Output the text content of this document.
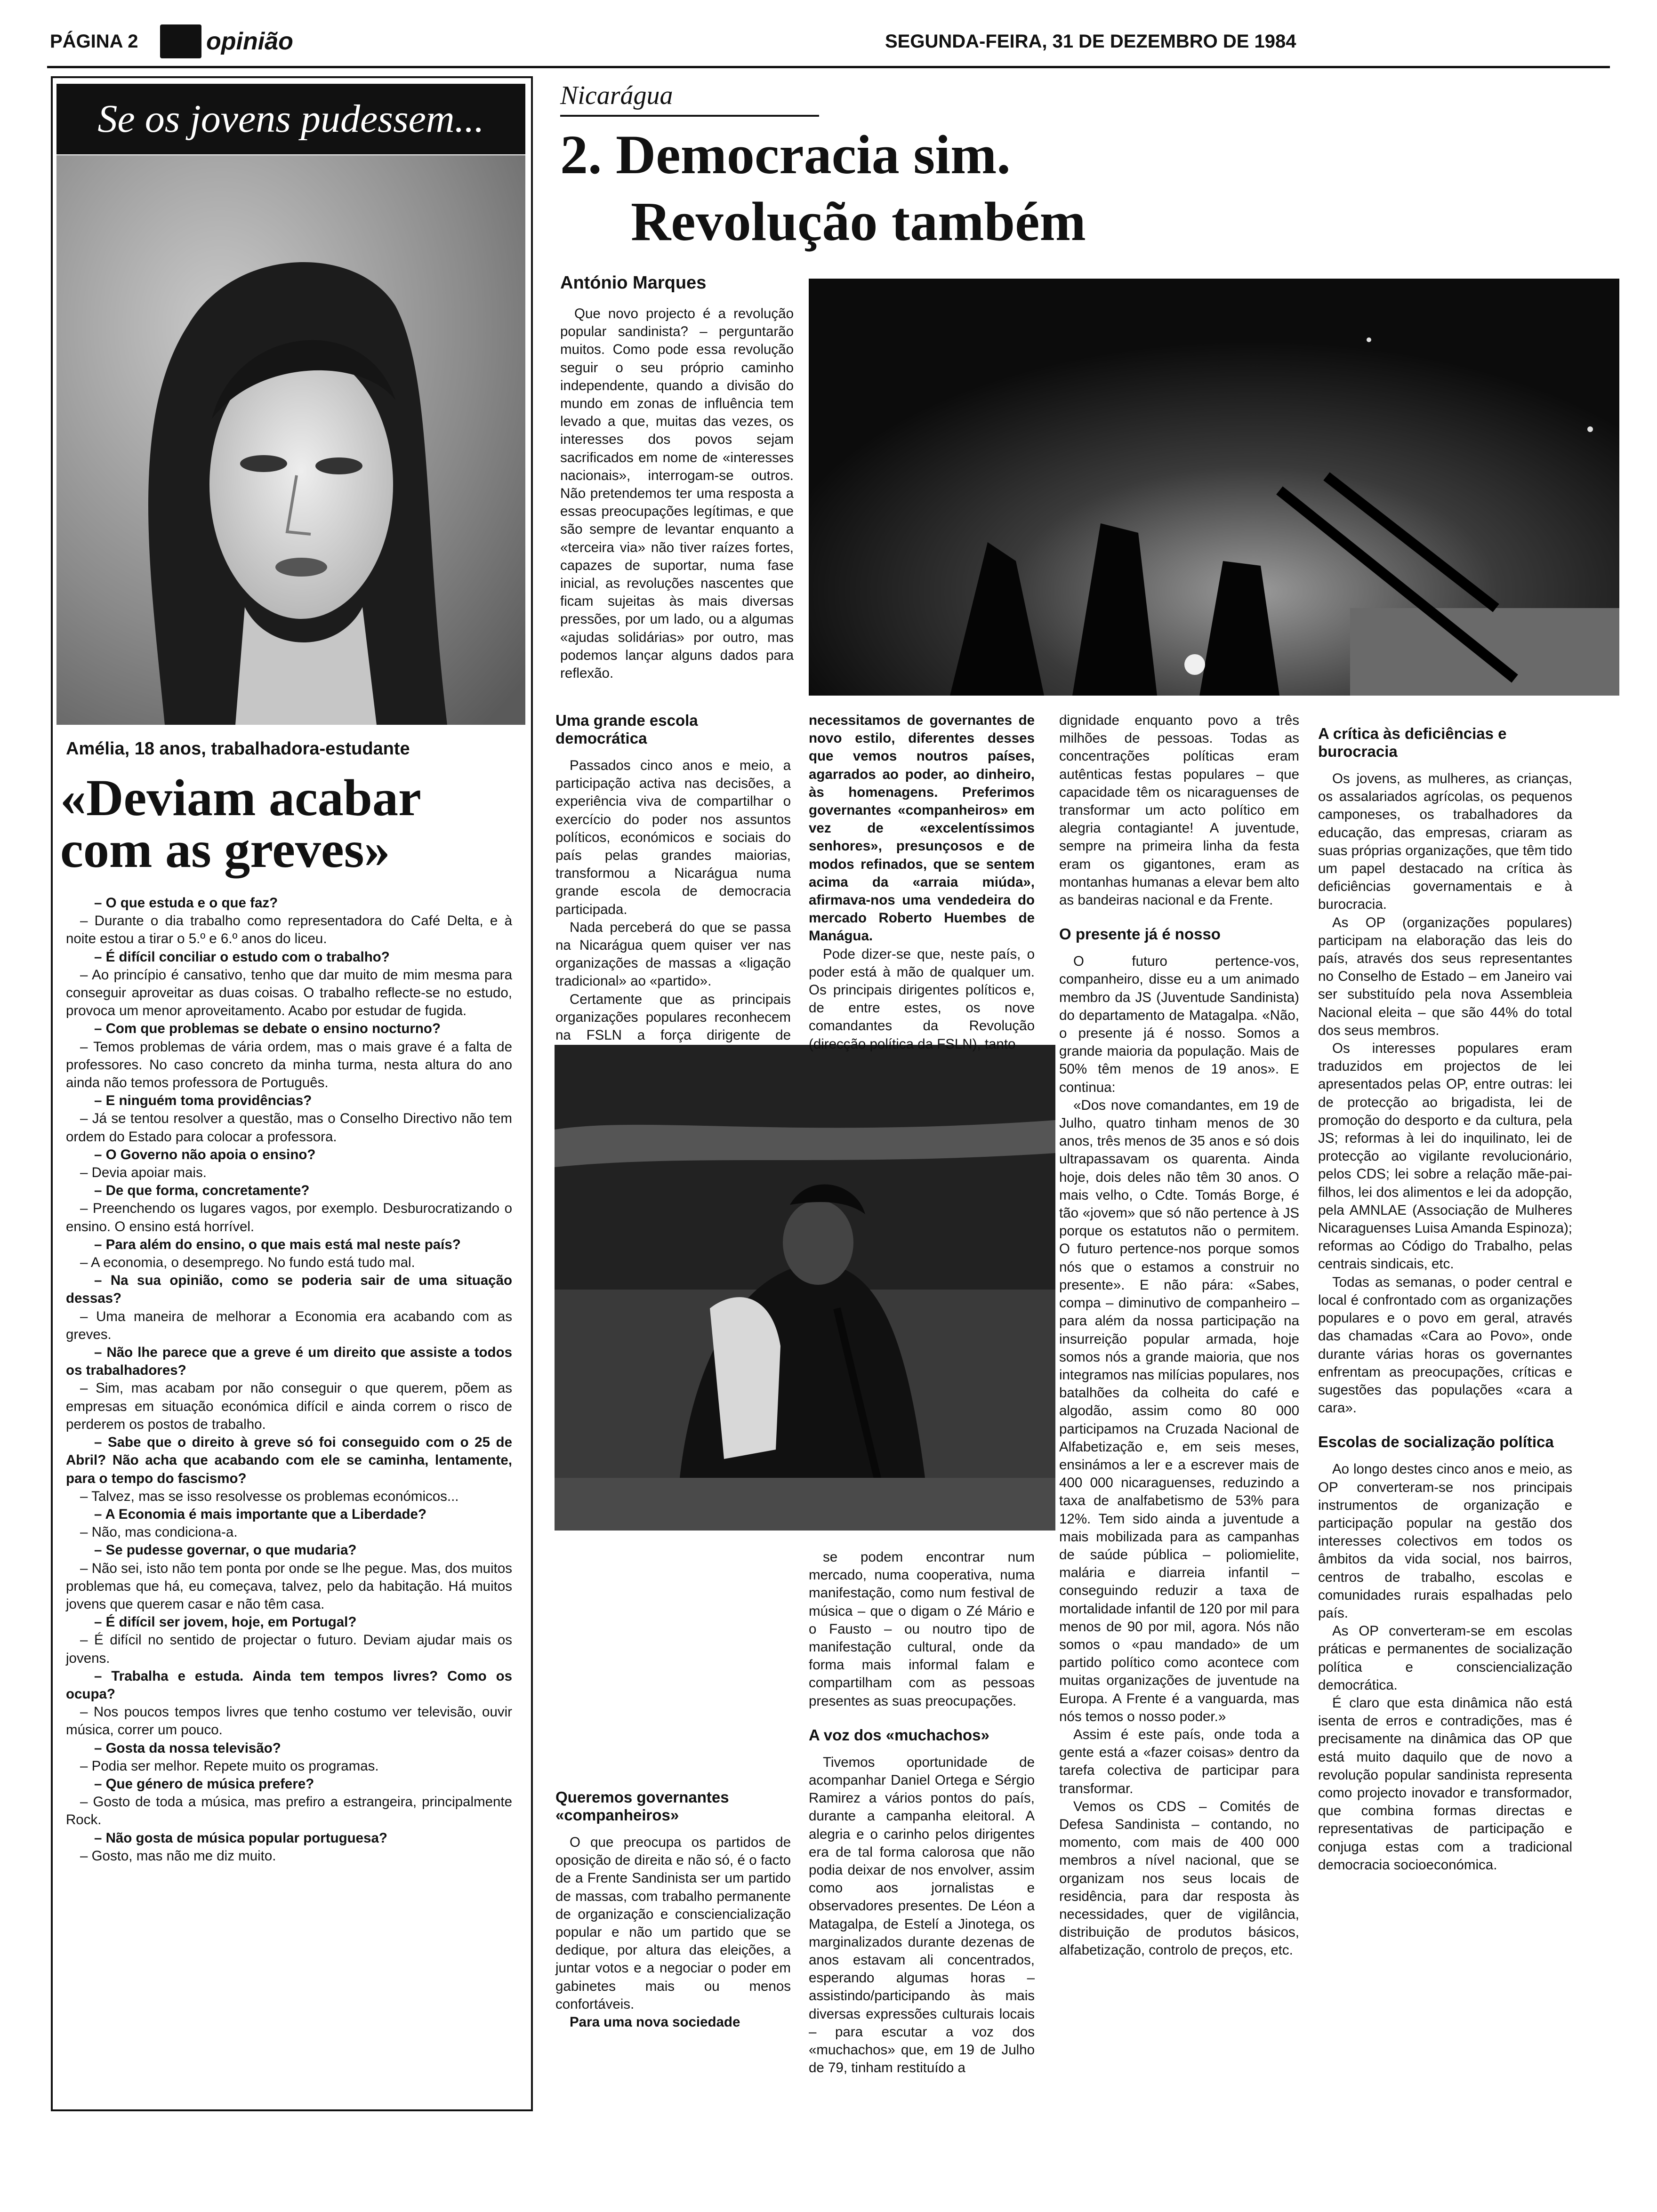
PÁGINA 2	opinião	SEGUNDA-FEIRA, 31 DE DEZEMBRO DE 1984
Se os jovens pudessem...
Amélia, 18 anos, trabalhadora-estudante
«Deviam acabar
com as greves»

– O que estuda e o que faz?

– Durante o dia trabalho como representadora do Café Delta, e à noite estou a tirar o 5.º e 6.º anos do liceu.

– É difícil conciliar o estudo com o trabalho?

– Ao princípio é cansativo, tenho que dar muito de mim mesma para conseguir aproveitar as duas coisas. O trabalho reflecte-se no estudo, provoca um menor aproveitamento. Acabo por estudar de fugida.

– Com que problemas se debate o ensino nocturno?

– Temos problemas de vária ordem, mas o mais grave é a falta de professores. No caso concreto da minha turma, nesta altura do ano ainda não temos professora de Português.

– E ninguém toma providências?

– Já se tentou resolver a questão, mas o Conselho Directivo não tem ordem do Estado para colocar a professora.

– O Governo não apoia o ensino?

– Devia apoiar mais.

– De que forma, concretamente?

– Preenchendo os lugares vagos, por exemplo. Desburocratizando o ensino. O ensino está horrível.

– Para além do ensino, o que mais está mal neste país?

– A economia, o desemprego. No fundo está tudo mal.

– Na sua opinião, como se poderia sair de uma situação dessas?

– Uma maneira de melhorar a Economia era acabando com as greves.

– Não lhe parece que a greve é um direito que assiste a todos os trabalhadores?

– Sim, mas acabam por não conseguir o que querem, põem as empresas em situação económica difícil e ainda correm o risco de perderem os postos de trabalho.

– Sabe que o direito à greve só foi conseguido com o 25 de Abril? Não acha que acabando com ele se caminha, lentamente, para o tempo do fascismo?

– Talvez, mas se isso resolvesse os problemas económicos...

– A Economia é mais importante que a Liberdade?

– Não, mas condiciona-a.

– Se pudesse governar, o que mudaria?

– Não sei, isto não tem ponta por onde se lhe pegue. Mas, dos muitos problemas que há, eu começava, talvez, pelo da habitação. Há muitos jovens que querem casar e não têm casa.

– É difícil ser jovem, hoje, em Portugal?

– É difícil no sentido de projectar o futuro. Deviam ajudar mais os jovens.

– Trabalha e estuda. Ainda tem tempos livres? Como os ocupa?

– Nos poucos tempos livres que tenho costumo ver televisão, ouvir música, correr um pouco.

– Gosta da nossa televisão?

– Podia ser melhor. Repete muito os programas.

– Que género de música prefere?

– Gosto de toda a música, mas prefiro a estrangeira, principalmente Rock.

– Não gosta de música popular portuguesa?

– Gosto, mas não me diz muito.

Nicarágua
2. Democracia sim.
Revolução também
António Marques

Que novo projecto é a revolução popular sandinista? – perguntarão muitos. Como pode essa revolução seguir o seu próprio caminho independente, quando a divisão do mundo em zonas de influência tem levado a que, muitas das vezes, os interesses dos povos sejam sacrificados em nome de «interesses nacionais», interrogam-se outros. Não pretendemos ter uma resposta a essas preocupações legítimas, e que são sempre de levantar enquanto a «terceira via» não tiver raízes fortes, capazes de suportar, numa fase inicial, as revoluções nascentes que ficam sujeitas às mais diversas pressões, por um lado, ou a algumas «ajudas solidárias» por outro, mas podemos lançar alguns dados para reflexão.

Uma grande escola democrática

Passados cinco anos e meio, a participação activa nas decisões, a experiência viva de compartilhar o exercício do poder nos assuntos políticos, económicos e sociais do país pelas grandes maiorias, transformou a Nicarágua numa grande escola de democracia participada.

Nada perceberá do que se passa na Nicarágua quem quiser ver nas organizações de massas a «ligação tradicional» ao «partido».

Certamente que as principais organizações populares reconhecem na FSLN a força dirigente de

necessitamos de governantes de novo estilo, diferentes desses que vemos noutros países, agarrados ao poder, ao dinheiro, às homenagens. Preferimos governantes «companheiros» em vez de «excelentíssimos senhores», presunçosos e de modos refinados, que se sentem acima da «arraia miúda», afirmava-nos uma vendedeira do mercado Roberto Huembes de Manágua.

Pode dizer-se que, neste país, o poder está à mão de qualquer um. Os principais dirigentes políticos e, de entre estes, os nove comandantes da Revolução (direcção política da FSLN), tanto

se podem encontrar num mercado, numa cooperativa, numa manifestação, como num festival de música – que o digam o Zé Mário e o Fausto – ou noutro tipo de manifestação cultural, onde da forma mais informal falam e compartilham com as pessoas presentes as suas preocupações.

A voz dos «muchachos»

Tivemos oportunidade de acompanhar Daniel Ortega e Sérgio Ramirez a vários pontos do país, durante a campanha eleitoral. A alegria e o carinho pelos dirigentes era de tal forma calorosa que não podia deixar de nos envolver, assim como aos jornalistas e observadores presentes. De Léon a Matagalpa, de Estelí a Jinotega, os marginalizados durante dezenas de anos estavam ali concentrados, esperando algumas horas – assistindo/participando às mais diversas expressões culturais locais – para escutar a voz dos «muchachos» que, em 19 de Julho de 79, tinham restituído a

Queremos governantes «companheiros»

O que preocupa os partidos de oposição de direita e não só, é o facto de a Frente Sandinista ser um partido de massas, com trabalho permanente de organização e consciencialização popular e não um partido que se dedique, por altura das eleições, a juntar votos e a negociar o poder em gabinetes mais ou menos confortáveis.

Para uma nova sociedade

dignidade enquanto povo a três milhões de pessoas. Todas as concentrações políticas eram autênticas festas populares – que capacidade têm os nicaraguenses de transformar um acto político em alegria contagiante! A juventude, sempre na primeira linha da festa eram os gigantones, eram as montanhas humanas a elevar bem alto as bandeiras nacional e da Frente.

O presente já é nosso

O futuro pertence-vos, companheiro, disse eu a um animado membro da JS (Juventude Sandinista) do departamento de Matagalpa. «Não, o presente já é nosso. Somos a grande maioria da população. Mais de 50% têm menos de 19 anos». E continua:

«Dos nove comandantes, em 19 de Julho, quatro tinham menos de 30 anos, três menos de 35 anos e só dois ultrapassavam os quarenta. Ainda hoje, dois deles não têm 30 anos. O mais velho, o Cdte. Tomás Borge, é tão «jovem» que só não pertence à JS porque os estatutos não o permitem. O futuro pertence-nos porque somos nós que o estamos a construir no presente». E não pára: «Sabes, compa – diminutivo de companheiro – para além da nossa participação na insurreição popular armada, hoje somos nós a grande maioria, que nos integramos nas milícias populares, nos batalhões da colheita do café e algodão, assim como 80 000 participamos na Cruzada Nacional de Alfabetização e, em seis meses, ensinámos a ler e a escrever mais de 400 000 nicaraguenses, reduzindo a taxa de analfabetismo de 53% para 12%. Tem sido ainda a juventude a mais mobilizada para as campanhas de saúde pública – poliomielite, malária e diarreia infantil – conseguindo reduzir a taxa de mortalidade infantil de 120 por mil para menos de 90 por mil, agora. Nós não somos o «pau mandado» de um partido político como acontece com muitas organizações de juventude na Europa. A Frente é a vanguarda, mas nós temos o nosso poder.»

Assim é este país, onde toda a gente está a «fazer coisas» dentro da tarefa colectiva de participar para transformar.

Vemos os CDS – Comités de Defesa Sandinista – contando, no momento, com mais de 400 000 membros a nível nacional, que se organizam nos seus locais de residência, para dar resposta às necessidades, quer de vigilância, distribuição de produtos básicos, alfabetização, controlo de preços, etc.

A crítica às deficiências e burocracia

Os jovens, as mulheres, as crianças, os assalariados agrícolas, os pequenos camponeses, os trabalhadores da educação, das empresas, criaram as suas próprias organizações, que têm tido um papel destacado na crítica às deficiências governamentais e à burocracia.

As OP (organizações populares) participam na elaboração das leis do país, através dos seus representantes no Conselho de Estado – em Janeiro vai ser substituído pela nova Assembleia Nacional eleita – que são 44% do total dos seus membros.

Os interesses populares eram traduzidos em projectos de lei apresentados pelas OP, entre outras: lei de protecção ao brigadista, lei de promoção do desporto e da cultura, pela JS; reformas à lei do inquilinato, lei de protecção ao vigilante revolucionário, pelos CDS; lei sobre a relação mãe-pai-filhos, lei dos alimentos e lei da adopção, pela AMNLAE (Associação de Mulheres Nicaraguenses Luisa Amanda Espinoza); reformas ao Código do Trabalho, pelas centrais sindicais, etc.

Todas as semanas, o poder central e local é confrontado com as organizações populares e o povo em geral, através das chamadas «Cara ao Povo», onde durante várias horas os governantes enfrentam as preocupações, críticas e sugestões das populações «cara a cara».

Escolas de socialização política

Ao longo destes cinco anos e meio, as OP converteram-se nos principais instrumentos de organização e participação popular na gestão dos interesses colectivos em todos os âmbitos da vida social, nos bairros, centros de trabalho, escolas e comunidades rurais espalhadas pelo país.

As OP converteram-se em escolas práticas e permanentes de socialização política e consciencialização democrática.

É claro que esta dinâmica não está isenta de erros e contradições, mas é precisamente na dinâmica das OP que está muito daquilo que de novo a revolução popular sandinista representa como projecto inovador e transformador, que combina formas directas e representativas de participação e conjuga estas com a tradicional democracia socioeconómica.
